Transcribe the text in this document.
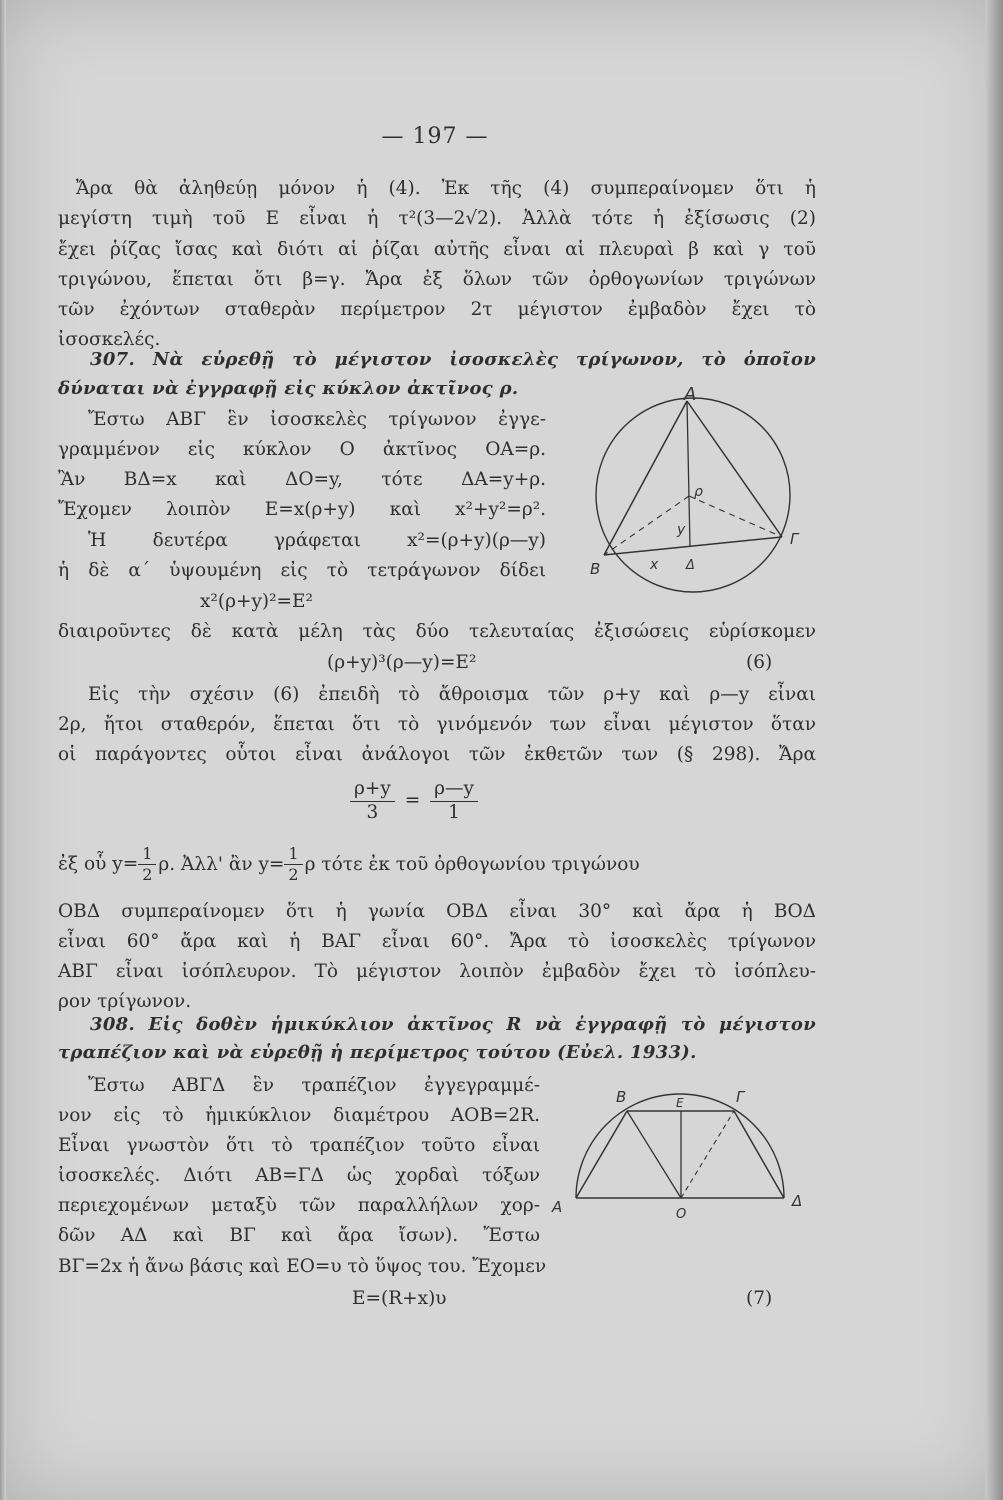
— 197 —
Ἄρα θὰ ἀληθεύῃ μόνον ἡ (4). Ἐκ τῆς (4) συμπεραίνομεν ὅτι ἡ
μεγίστη τιμὴ τοῦ Ε εἶναι ἡ τ²(3—2√2). Ἀλλὰ τότε ἡ ἐξίσωσις (2)
ἔχει ῥίζας ἴσας καὶ διότι αἱ ῥίζαι αὐτῆς εἶναι αἱ πλευραὶ β καὶ γ τοῦ
τριγώνου, ἕπεται ὅτι β=γ. Ἄρα ἐξ ὅλων τῶν ὀρθογωνίων τριγώνων
τῶν ἐχόντων σταθερὰν περίμετρον 2τ μέγιστον ἐμβαδὸν ἔχει τὸ
ἰσοσκελές.
307. Νὰ εὑρεθῇ τὸ μέγιστον ἰσοσκελὲς τρίγωνον, τὸ ὁποῖον
δύναται νὰ ἐγγραφῇ εἰς κύκλον ἀκτῖνος ρ.
Ἔστω ΑΒΓ ἓν ἰσοσκελὲς τρίγωνον ἐγγε-
γραμμένον εἰς κύκλον Ο ἀκτῖνος ΟΑ=ρ.
Ἂν ΒΔ=x καὶ ΔΟ=y, τότε ΔΑ=y+ρ.
Ἔχομεν λοιπὸν Ε=x(ρ+y) καὶ x²+y²=ρ².
Ἡ δευτέρα γράφεται x²=(ρ+y)(ρ—y)
ἡ δὲ α΄ ὑψουμένη εἰς τὸ τετράγωνον δίδει
x²(ρ+y)²=Ε²
διαιροῦντες δὲ κατὰ μέλη τὰς δύο τελευταίας ἐξισώσεις εὑρίσκομεν
(ρ+y)³(ρ—y)=Ε²	(6)
Εἰς τὴν σχέσιν (6) ἐπειδὴ τὸ ἄθροισμα τῶν ρ+y καὶ ρ—y εἶναι
2ρ, ἤτοι σταθερόν, ἕπεται ὅτι τὸ γινόμενόν των εἶναι μέγιστον ὅταν
οἱ παράγοντες οὗτοι εἶναι ἀνάλογοι τῶν ἐκθετῶν των (§ 298). Ἄρα
$\frac{\rho+y}{3} = \frac{\rho—y}{1}$
ἐξ οὗ $y= \frac{1}{2} \rho$. Ἀλλ' ἂν $y= \frac{1}{2}$ ρ τότε ἐκ τοῦ ὀρθογωνίου τριγώνου
ΟΒΔ συμπεραίνομεν ὅτι ἡ γωνία ΟΒΔ εἶναι 30° καὶ ἄρα ἡ ΒΟΔ
εἶναι 60° ἄρα καὶ ἡ ΒΑΓ εἶναι 60°. Ἄρα τὸ ἰσοσκελὲς τρίγωνον
ΑΒΓ εἶναι ἰσόπλευρον. Τὸ μέγιστον λοιπὸν ἐμβαδὸν ἔχει τὸ ἰσόπλευ-
ρον τρίγωνον.
308. Εἰς δοθὲν ἡμικύκλιον ἀκτῖνος R νὰ ἐγγραφῇ τὸ μέγιστον
τραπέζιον καὶ νὰ εὑρεθῇ ἡ περίμετρος τούτου (Εὐελ. 1933).
Ἔστω ΑΒΓΔ ἓν τραπέζιον ἐγγεγραμμέ-
νον εἰς τὸ ἡμικύκλιον διαμέτρου ΑΟΒ=2R.
Εἶναι γνωστὸν ὅτι τὸ τραπέζιον τοῦτο εἶναι
ἰσοσκελές. Διότι ΑΒ=ΓΔ ὡς χορδαὶ τόξων
περιεχομένων μεταξὺ τῶν παραλλήλων χορ-
δῶν ΑΔ καὶ ΒΓ καὶ ἄρα ἴσων). Ἔστω
ΒΓ=2x ἡ ἄνω βάσις καὶ ΕΟ=υ τὸ ὕψος του. Ἔχομεν
Ε=(R+x)υ	(7)
A
B
Γ
ρ
y
x Δ
B	E	Γ
A	Δ
O
